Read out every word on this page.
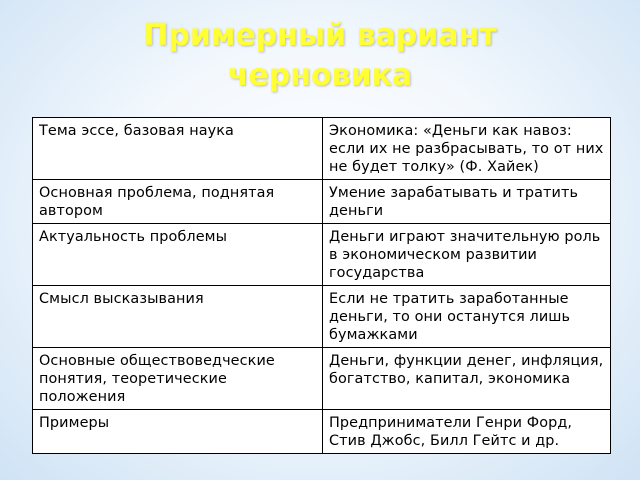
Примерный вариант
черновика
Тема эссе, базовая наука	Экономика: «Деньги как навоз: если их не разбрасывать, то от них не будет толку» (Ф. Хайек)
Основная проблема, поднятая автором	Умение зарабатывать и тратить деньги
Актуальность проблемы	Деньги играют значительную роль в экономическом развитии государства
Смысл высказывания	Если не тратить заработанные деньги, то они останутся лишь бумажками
Основные обществоведческие понятия, теоретические положения	Деньги, функции денег, инфляция, богатство, капитал, экономика
Примеры	Предприниматели Генри Форд, Стив Джобс, Билл Гейтс и др.
